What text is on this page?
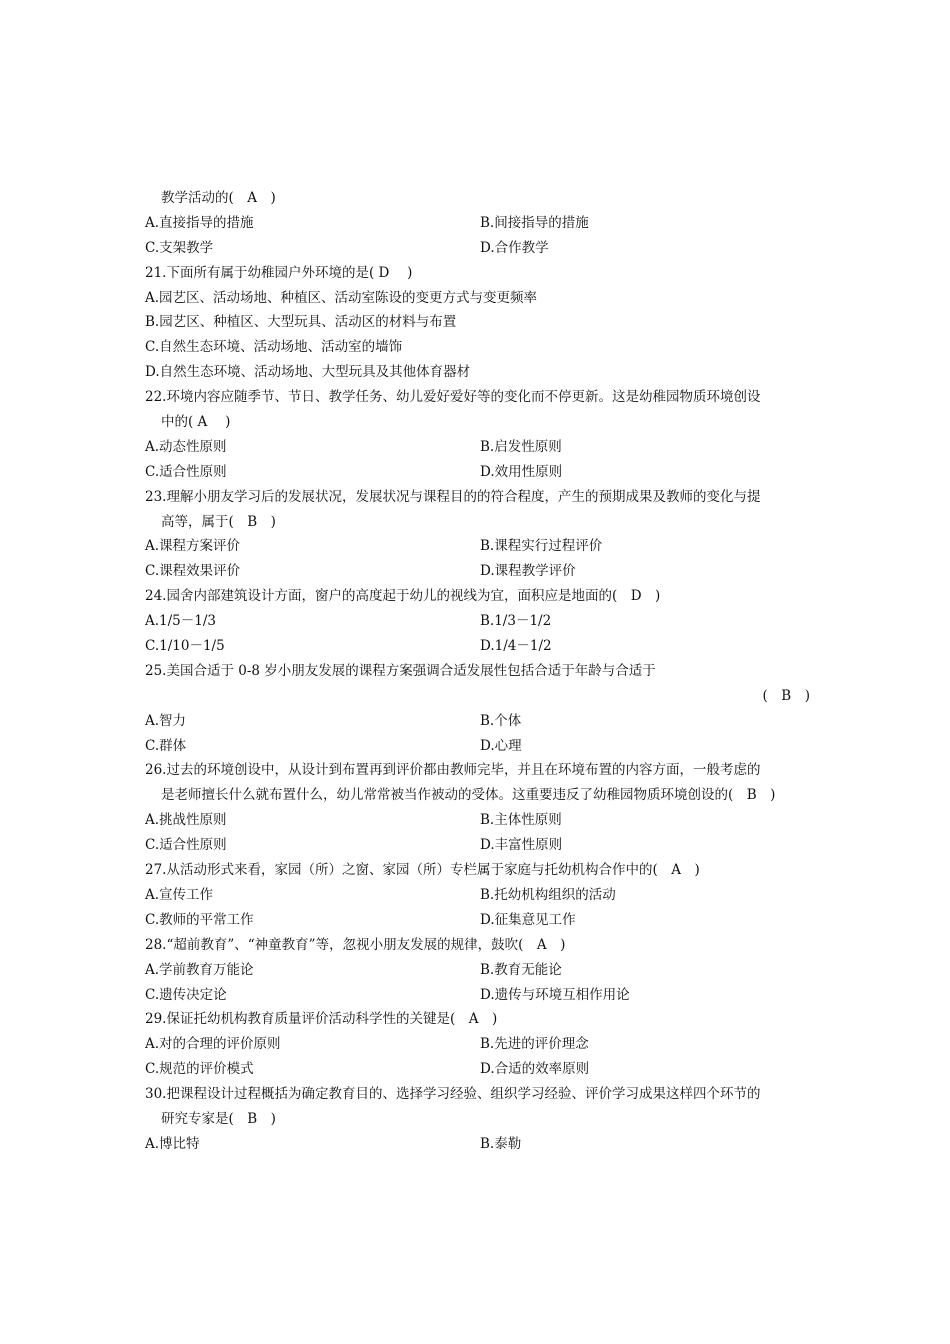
教学活动的(　A　)
A.直接指导的措施	B.间接指导的措施
C.支架教学	D.合作教学
21.下面所有属于幼稚园户外环境的是( D　 )
A.园艺区、活动场地、种植区、活动室陈设的变更方式与变更频率
B.园艺区、种植区、大型玩具、活动区的材料与布置
C.自然生态环境、活动场地、活动室的墙饰
D.自然生态环境、活动场地、大型玩具及其他体育器材
22.环境内容应随季节、节日、教学任务、幼儿爱好爱好等的变化而不停更新。这是幼稚园物质环境创设
中的( A　 )
A.动态性原则	B.启发性原则
C.适合性原则	D.效用性原则
23.理解小朋友学习后的发展状况，发展状况与课程目的的符合程度，产生的预期成果及教师的变化与提
高等，属于(　B　)
A.课程方案评价	B.课程实行过程评价
C.课程效果评价	D.课程教学评价
24.园舍内部建筑设计方面，窗户的高度起于幼儿的视线为宜，面积应是地面的(　D　)
A.1/5－1/3	B.1/3－1/2
C.1/10－1/5	D.1/4－1/2
25.美国合适于 0-8 岁小朋友发展的课程方案强调合适发展性包括合适于年龄与合适于
(　B　)
A.智力	B.个体
C.群体	D.心理
26.过去的环境创设中，从设计到布置再到评价都由教师完毕，并且在环境布置的内容方面，一般考虑的
是老师擅长什么就布置什么，幼儿常常被当作被动的受体。这重要违反了幼稚园物质环境创设的(　B　)
A.挑战性原则	B.主体性原则
C.适合性原则	D.丰富性原则
27.从活动形式来看，家园（所）之窗、家园（所）专栏属于家庭与托幼机构合作中的(　A　)
A.宣传工作	B.托幼机构组织的活动
C.教师的平常工作	D.征集意见工作
28.“超前教育”、“神童教育”等，忽视小朋友发展的规律，鼓吹(　A　)
A.学前教育万能论	B.教育无能论
C.遗传决定论	D.遗传与环境互相作用论
29.保证托幼机构教育质量评价活动科学性的关键是(　A　)
A.对的合理的评价原则	B.先进的评价理念
C.规范的评价模式	D.合适的效率原则
30.把课程设计过程概括为确定教育目的、选择学习经验、组织学习经验、评价学习成果这样四个环节的
研究专家是(　B　)
A.博比特	B.泰勒
